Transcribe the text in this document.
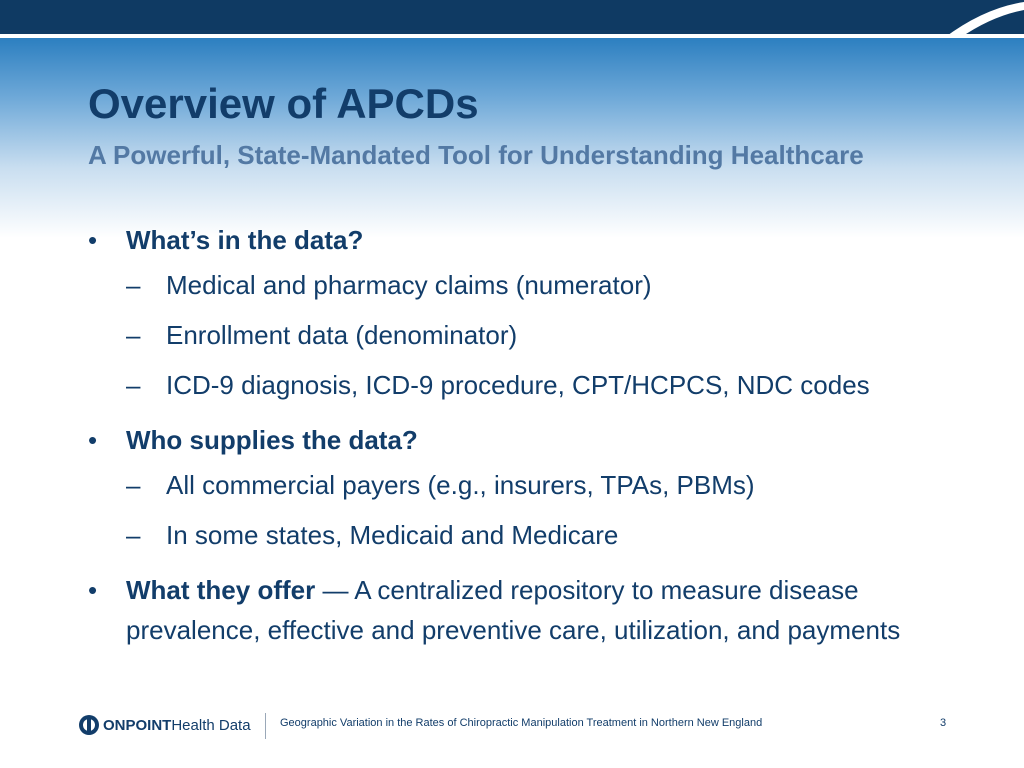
Overview of APCDs
A Powerful, State-Mandated Tool for Understanding Healthcare
•	What’s in the data?
– Medical and pharmacy claims (numerator)
– Enrollment data (denominator)
– ICD-9 diagnosis, ICD-9 procedure, CPT/HCPCS, NDC codes
•	Who supplies the data?
– All commercial payers (e.g., insurers, TPAs, PBMs)
– In some states, Medicaid and Medicare
•	What they offer — A centralized repository to measure disease prevalence, effective and preventive care, utilization, and payments
ONPOINT Health Data	Geographic Variation in the Rates of Chiropractic Manipulation Treatment in Northern New England	3
